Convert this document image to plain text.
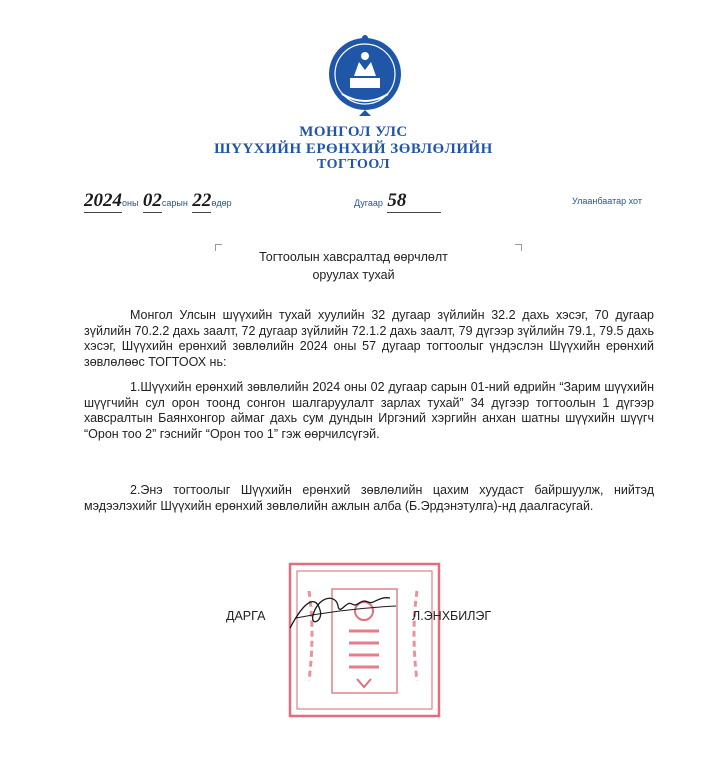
МОНГОЛ УЛС
ШҮҮХИЙН ЕРӨНХИЙ ЗӨВЛӨЛИЙН
ТОГТООЛ
2024оны 02сарын 22өдөр	Дугаар 58	Улаанбаатар хот
Тогтоолын хавсралтад өөрчлөлт
оруулах тухай
Монгол Улсын шүүхийн тухай хуулийн 32 дугаар зүйлийн 32.2 дахь хэсэг, 70 дугаар зүйлийн 70.2.2 дахь заалт, 72 дугаар зүйлийн 72.1.2 дахь заалт, 79 дүгээр зүйлийн 79.1, 79.5 дахь хэсэг, Шүүхийн ерөнхий зөвлөлийн 2024 оны 57 дугаар тогтоолыг үндэслэн Шүүхийн ерөнхий зөвлөлөөс ТОГТООХ нь:
1.Шүүхийн ерөнхий зөвлөлийн 2024 оны 02 дугаар сарын 01-ний өдрийн “Зарим шүүхийн шүүгчийн сул орон тоонд сонгон шалгаруулалт зарлах тухай” 34 дүгээр тогтоолын 1 дүгээр хавсралтын Баянхонгор аймаг дахь сум дундын Иргэний хэргийн анхан шатны шүүхийн шүүгч “Орон тоо 2” гэснийг “Орон тоо 1” гэж өөрчилсүгэй.
2.Энэ тогтоолыг Шүүхийн ерөнхий зөвлөлийн цахим хуудаст байршуулж, нийтэд мэдээлэхийг Шүүхийн ерөнхий зөвлөлийн ажлын алба (Б.Эрдэнэтулга)-нд даалгасугай.
ДАРГА	Л.ЭНХБИЛЭГ
